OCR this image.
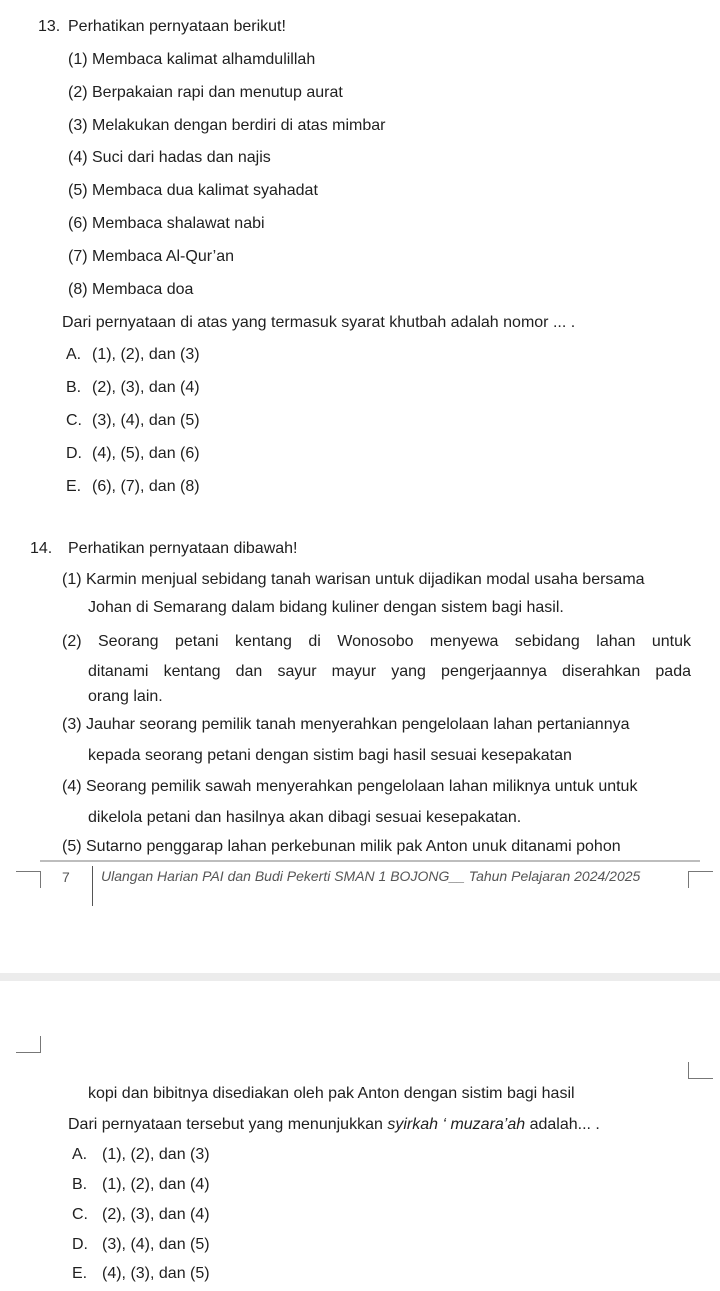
13. Perhatikan pernyataan berikut!
(1) Membaca kalimat alhamdulillah
(2) Berpakaian rapi dan menutup aurat
(3) Melakukan dengan berdiri di atas mimbar
(4) Suci dari hadas dan najis
(5) Membaca dua kalimat syahadat
(6) Membaca shalawat nabi
(7) Membaca Al-Qur’an
(8) Membaca doa
Dari pernyataan di atas yang termasuk syarat khutbah adalah nomor ... .
A. (1), (2), dan (3)
B. (2), (3), dan (4)
C. (3), (4), dan (5)
D. (4), (5), dan (6)
E. (6), (7), dan (8)
14. Perhatikan pernyataan dibawah!
(1) Karmin menjual sebidang tanah warisan untuk dijadikan modal usaha bersama
Johan di Semarang dalam bidang kuliner dengan sistem bagi hasil.
(2) Seorang petani kentang di Wonosobo menyewa sebidang lahan untuk
ditanami kentang dan sayur mayur yang pengerjaannya diserahkan pada
orang lain.
(3) Jauhar seorang pemilik tanah menyerahkan pengelolaan lahan pertaniannya
kepada seorang petani dengan sistim bagi hasil sesuai kesepakatan
(4) Seorang pemilik sawah menyerahkan pengelolaan lahan miliknya untuk untuk
dikelola petani dan hasilnya akan dibagi sesuai kesepakatan.
(5) Sutarno penggarap lahan perkebunan milik pak Anton unuk ditanami pohon
7 Ulangan Harian PAI dan Budi Pekerti SMAN 1 BOJONG__ Tahun Pelajaran 2024/2025
kopi dan bibitnya disediakan oleh pak Anton dengan sistim bagi hasil
Dari pernyataan tersebut yang menunjukkan syirkah ‘ muzara’ah adalah... .
A. (1), (2), dan (3)
B. (1), (2), dan (4)
C. (2), (3), dan (4)
D. (3), (4), dan (5)
E. (4), (3), dan (5)
